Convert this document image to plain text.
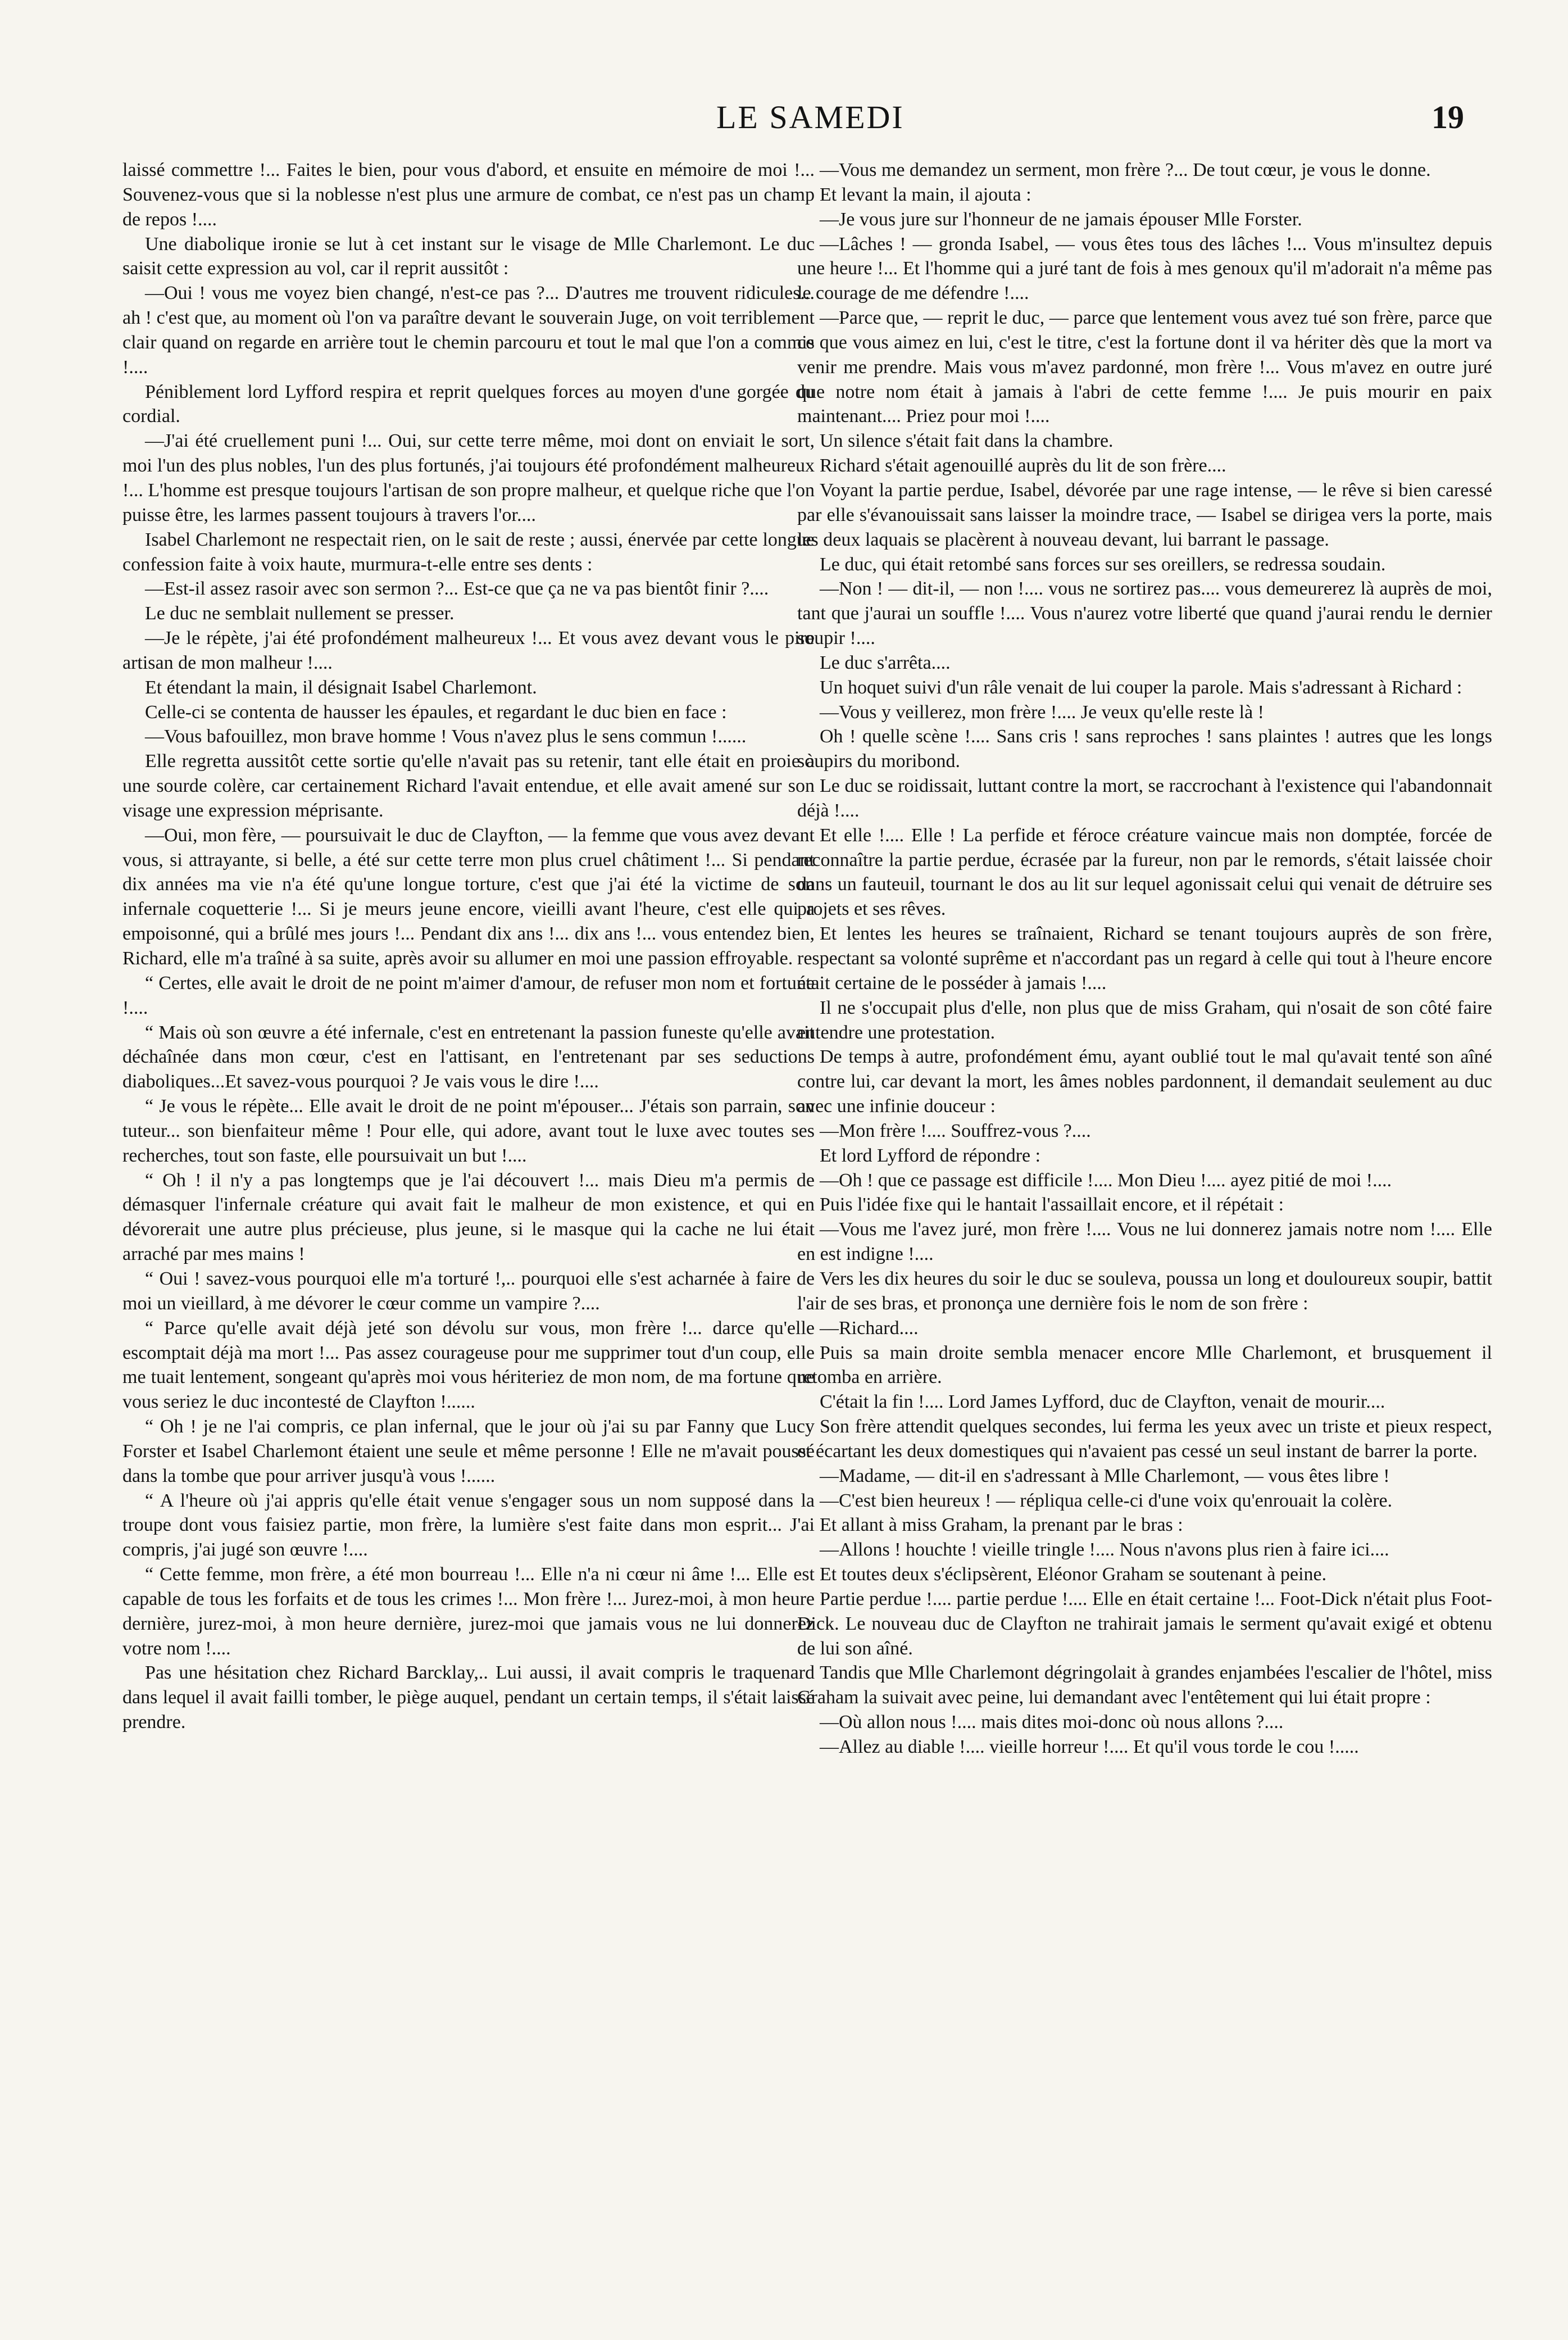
LE SAMEDI	19

laissé commettre !... Faites le bien, pour vous d'abord, et ensuite en mémoire de moi !... Souvenez-vous que si la noblesse n'est plus une armure de combat, ce n'est pas un champ de repos !....

Une diabolique ironie se lut à cet instant sur le visage de Mlle Charlemont. Le duc saisit cette expression au vol, car il reprit aussitôt :

—Oui ! vous me voyez bien changé, n'est-ce pas ?... D'autres me trouvent ridicules... ah ! c'est que, au moment où l'on va paraître devant le souverain Juge, on voit terriblement clair quand on regarde en arrière tout le chemin parcouru et tout le mal que l'on a commis !....

Péniblement lord Lyfford respira et reprit quelques forces au moyen d'une gorgée du cordial.

—J'ai été cruellement puni !... Oui, sur cette terre même, moi dont on enviait le sort, moi l'un des plus nobles, l'un des plus fortunés, j'ai toujours été profondément malheureux !... L'homme est presque toujours l'artisan de son propre malheur, et quelque riche que l'on puisse être, les larmes passent toujours à travers l'or....

Isabel Charlemont ne respectait rien, on le sait de reste ; aussi, énervée par cette longue confession faite à voix haute, murmura-t-elle entre ses dents :

—Est-il assez rasoir avec son sermon ?... Est-ce que ça ne va pas bientôt finir ?....

Le duc ne semblait nullement se presser.

—Je le répète, j'ai été profondément malheureux !... Et vous avez devant vous le pire artisan de mon malheur !....

Et étendant la main, il désignait Isabel Charlemont.

Celle-ci se contenta de hausser les épaules, et regardant le duc bien en face :

—Vous bafouillez, mon brave homme ! Vous n'avez plus le sens commun !......

Elle regretta aussitôt cette sortie qu'elle n'avait pas su retenir, tant elle était en proie à une sourde colère, car certainement Richard l'avait entendue, et elle avait amené sur son visage une expression méprisante.

—Oui, mon fère, — poursuivait le duc de Clayfton, — la femme que vous avez devant vous, si attrayante, si belle, a été sur cette terre mon plus cruel châtiment !... Si pendant dix années ma vie n'a été qu'une longue torture, c'est que j'ai été la victime de son infernale coquetterie !... Si je meurs jeune encore, vieilli avant l'heure, c'est elle qui a empoisonné, qui a brûlé mes jours !... Pendant dix ans !... dix ans !... vous entendez bien, Richard, elle m'a traîné à sa suite, après avoir su allumer en moi une passion effroyable.

“ Certes, elle avait le droit de ne point m'aimer d'amour, de refuser mon nom et fortune !....

“ Mais où son œuvre a été infernale, c'est en entretenant la passion funeste qu'elle avait déchaînée dans mon cœur, c'est en l'attisant, en l'entretenant par ses seductions diaboliques...Et savez-vous pourquoi ? Je vais vous le dire !....

“ Je vous le répète... Elle avait le droit de ne point m'épouser... J'étais son parrain, son tuteur... son bienfaiteur même ! Pour elle, qui adore, avant tout le luxe avec toutes ses recherches, tout son faste, elle poursuivait un but !....

“ Oh ! il n'y a pas longtemps que je l'ai découvert !... mais Dieu m'a permis de démasquer l'infernale créature qui avait fait le malheur de mon existence, et qui en dévorerait une autre plus précieuse, plus jeune, si le masque qui la cache ne lui était arraché par mes mains !

“ Oui ! savez-vous pourquoi elle m'a torturé !,.. pourquoi elle s'est acharnée à faire de moi un vieillard, à me dévorer le cœur comme un vampire ?....

“ Parce qu'elle avait déjà jeté son dévolu sur vous, mon frère !... darce qu'elle escomptait déjà ma mort !... Pas assez courageuse pour me supprimer tout d'un coup, elle me tuait lentement, songeant qu'après moi vous hériteriez de mon nom, de ma fortune que vous seriez le duc incontesté de Clayfton !......

“ Oh ! je ne l'ai compris, ce plan infernal, que le jour où j'ai su par Fanny que Lucy Forster et Isabel Charlemont étaient une seule et même personne ! Elle ne m'avait poussé dans la tombe que pour arriver jusqu'à vous !......

“ A l'heure où j'ai appris qu'elle était venue s'engager sous un nom supposé dans la troupe dont vous faisiez partie, mon frère, la lumière s'est faite dans mon esprit... J'ai compris, j'ai jugé son œuvre !....

“ Cette femme, mon frère, a été mon bourreau !... Elle n'a ni cœur ni âme !... Elle est capable de tous les forfaits et de tous les crimes !... Mon frère !... Jurez-moi, à mon heure dernière, jurez-moi, à mon heure dernière, jurez-moi que jamais vous ne lui donnerez votre nom !....

Pas une hésitation chez Richard Barcklay,.. Lui aussi, il avait compris le traquenard dans lequel il avait failli tomber, le piège auquel, pendant un certain temps, il s'était laissé prendre.

—Vous me demandez un serment, mon frère ?... De tout cœur, je vous le donne.

Et levant la main, il ajouta :

—Je vous jure sur l'honneur de ne jamais épouser Mlle Forster.

—Lâches ! — gronda Isabel, — vous êtes tous des lâches !... Vous m'insultez depuis une heure !... Et l'homme qui a juré tant de fois à mes genoux qu'il m'adorait n'a même pas le courage de me défendre !....

—Parce que, — reprit le duc, — parce que lentement vous avez tué son frère, parce que ce que vous aimez en lui, c'est le titre, c'est la fortune dont il va hériter dès que la mort va venir me prendre. Mais vous m'avez pardonné, mon frère !... Vous m'avez en outre juré que notre nom était à jamais à l'abri de cette femme !.... Je puis mourir en paix maintenant.... Priez pour moi !....

Un silence s'était fait dans la chambre.

Richard s'était agenouillé auprès du lit de son frère....

Voyant la partie perdue, Isabel, dévorée par une rage intense, — le rêve si bien caressé par elle s'évanouissait sans laisser la moindre trace, — Isabel se dirigea vers la porte, mais les deux laquais se placèrent à nouveau devant, lui barrant le passage.

Le duc, qui était retombé sans forces sur ses oreillers, se redressa soudain.

—Non ! — dit-il, — non !.... vous ne sortirez pas.... vous demeurerez là auprès de moi, tant que j'aurai un souffle !.... Vous n'aurez votre liberté que quand j'aurai rendu le dernier soupir !....

Le duc s'arrêta....

Un hoquet suivi d'un râle venait de lui couper la parole. Mais s'adressant à Richard :

—Vous y veillerez, mon frère !.... Je veux qu'elle reste là !

Oh ! quelle scène !.... Sans cris ! sans reproches ! sans plaintes ! autres que les longs soupirs du moribond.

Le duc se roidissait, luttant contre la mort, se raccrochant à l'existence qui l'abandonnait déjà !....

Et elle !.... Elle ! La perfide et féroce créature vaincue mais non domptée, forcée de reconnaître la partie perdue, écrasée par la fureur, non par le remords, s'était laissée choir dans un fauteuil, tournant le dos au lit sur lequel agonissait celui qui venait de détruire ses projets et ses rêves.

Et lentes les heures se traînaient, Richard se tenant toujours auprès de son frère, respectant sa volonté suprême et n'accordant pas un regard à celle qui tout à l'heure encore était certaine de le posséder à jamais !....

Il ne s'occupait plus d'elle, non plus que de miss Graham, qui n'osait de son côté faire entendre une protestation.

De temps à autre, profondément ému, ayant oublié tout le mal qu'avait tenté son aîné contre lui, car devant la mort, les âmes nobles pardonnent, il demandait seulement au duc avec une infinie douceur :

—Mon frère !.... Souffrez-vous ?....

Et lord Lyfford de répondre :

—Oh ! que ce passage est difficile !.... Mon Dieu !.... ayez pitié de moi !....

Puis l'idée fixe qui le hantait l'assaillait encore, et il répétait :

—Vous me l'avez juré, mon frère !.... Vous ne lui donnerez jamais notre nom !.... Elle en est indigne !....

Vers les dix heures du soir le duc se souleva, poussa un long et douloureux soupir, battit l'air de ses bras, et prononça une dernière fois le nom de son frère :

—Richard....

Puis sa main droite sembla menacer encore Mlle Charlemont, et brusquement il retomba en arrière.

C'était la fin !.... Lord James Lyfford, duc de Clayfton, venait de mourir....

Son frère attendit quelques secondes, lui ferma les yeux avec un triste et pieux respect, et écartant les deux domestiques qui n'avaient pas cessé un seul instant de barrer la porte.

—Madame, — dit-il en s'adressant à Mlle Charlemont, — vous êtes libre !

—C'est bien heureux ! — répliqua celle-ci d'une voix qu'enrouait la colère.

Et allant à miss Graham, la prenant par le bras :

—Allons ! houchte ! vieille tringle !.... Nous n'avons plus rien à faire ici....

Et toutes deux s'éclipsèrent, Eléonor Graham se soutenant à peine.

Partie perdue !.... partie perdue !.... Elle en était certaine !... Foot-Dick n'était plus Foot-Dick. Le nouveau duc de Clayfton ne trahirait jamais le serment qu'avait exigé et obtenu de lui son aîné.

Tandis que Mlle Charlemont dégringolait à grandes enjambées l'escalier de l'hôtel, miss Graham la suivait avec peine, lui demandant avec l'entêtement qui lui était propre :

—Où allon nous !.... mais dites moi-donc où nous allons ?....

—Allez au diable !.... vieille horreur !.... Et qu'il vous torde le cou !.....
